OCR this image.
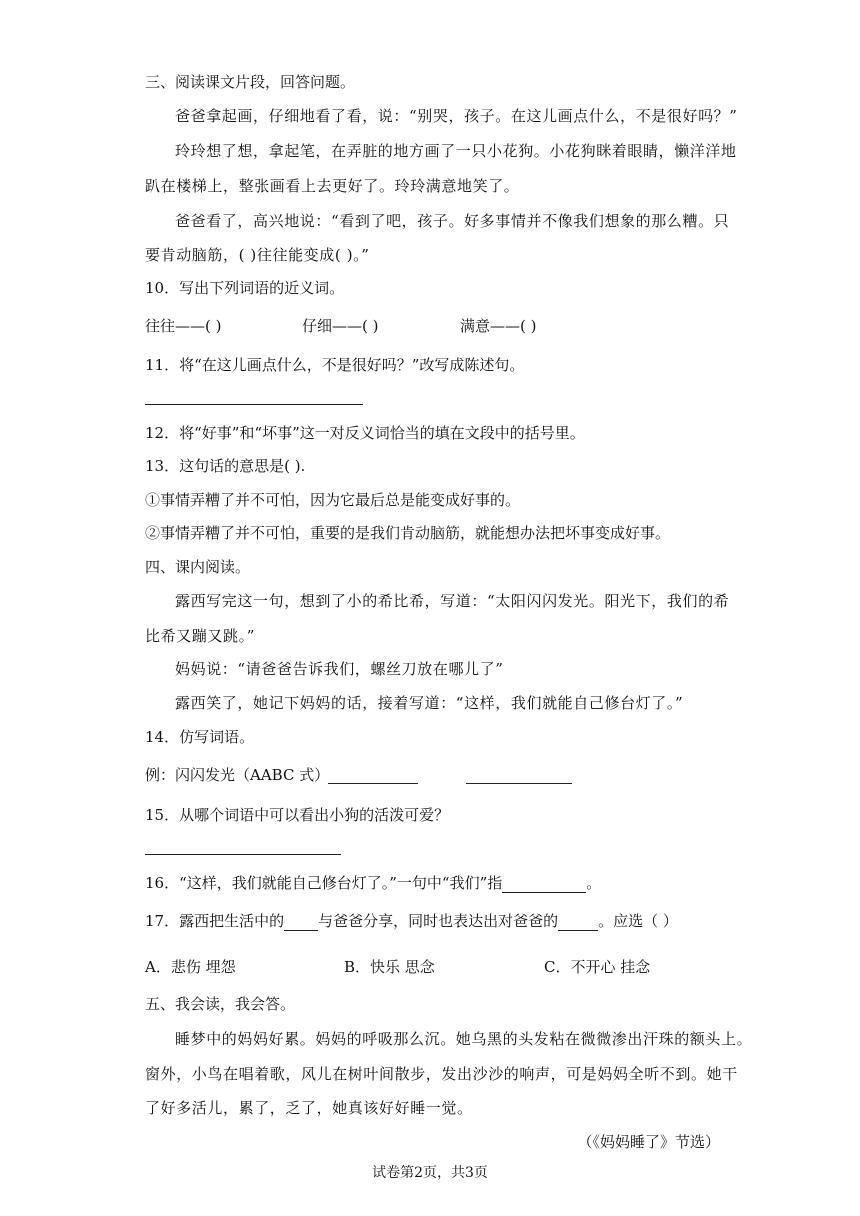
三、阅读课文片段，回答问题。
爸爸拿起画，仔细地看了看，说：“别哭，孩子。在这儿画点什么，不是很好吗？”
玲玲想了想，拿起笔，在弄脏的地方画了一只小花狗。小花狗眯着眼睛，懒洋洋地
趴在楼梯上，整张画看上去更好了。玲玲满意地笑了。
爸爸看了，高兴地说：“看到了吧，孩子。好多事情并不像我们想象的那么糟。只
要肯动脑筋，( )往往能变成( )。”
10．写出下列词语的近义词。
往往——( )	仔细——( )	满意——( )
11．将“在这儿画点什么，不是很好吗？”改写成陈述句。
12．将“好事”和“坏事”这一对反义词恰当的填在文段中的括号里。
13．这句话的意思是( ).
①事情弄糟了并不可怕，因为它最后总是能变成好事的。
②事情弄糟了并不可怕，重要的是我们肯动脑筋，就能想办法把坏事变成好事。
四、课内阅读。
露西写完这一句，想到了小的希比希，写道：“太阳闪闪发光。阳光下，我们的希
比希又蹦又跳。”
妈妈说：“请爸爸告诉我们，螺丝刀放在哪儿了”
露西笑了，她记下妈妈的话，接着写道：“这样，我们就能自己修台灯了。”
14．仿写词语。
例：闪闪发光（AABC 式）
15．从哪个词语中可以看出小狗的活泼可爱？
16．“这样，我们就能自己修台灯了。”一句中“我们”指	。
17．露西把生活中的 与爸爸分享，同时也表达出对爸爸的	。应选（ ）
A．悲伤 埋怨	B．快乐 思念	C．不开心 挂念
五、我会读，我会答。
睡梦中的妈妈好累。妈妈的呼吸那么沉。她乌黑的头发粘在微微渗出汗珠的额头上。
窗外，小鸟在唱着歌，风儿在树叶间散步，发出沙沙的响声，可是妈妈全听不到。她干
了好多活儿，累了，乏了，她真该好好睡一觉。
（《妈妈睡了》节选）
试卷第2页，共3页
